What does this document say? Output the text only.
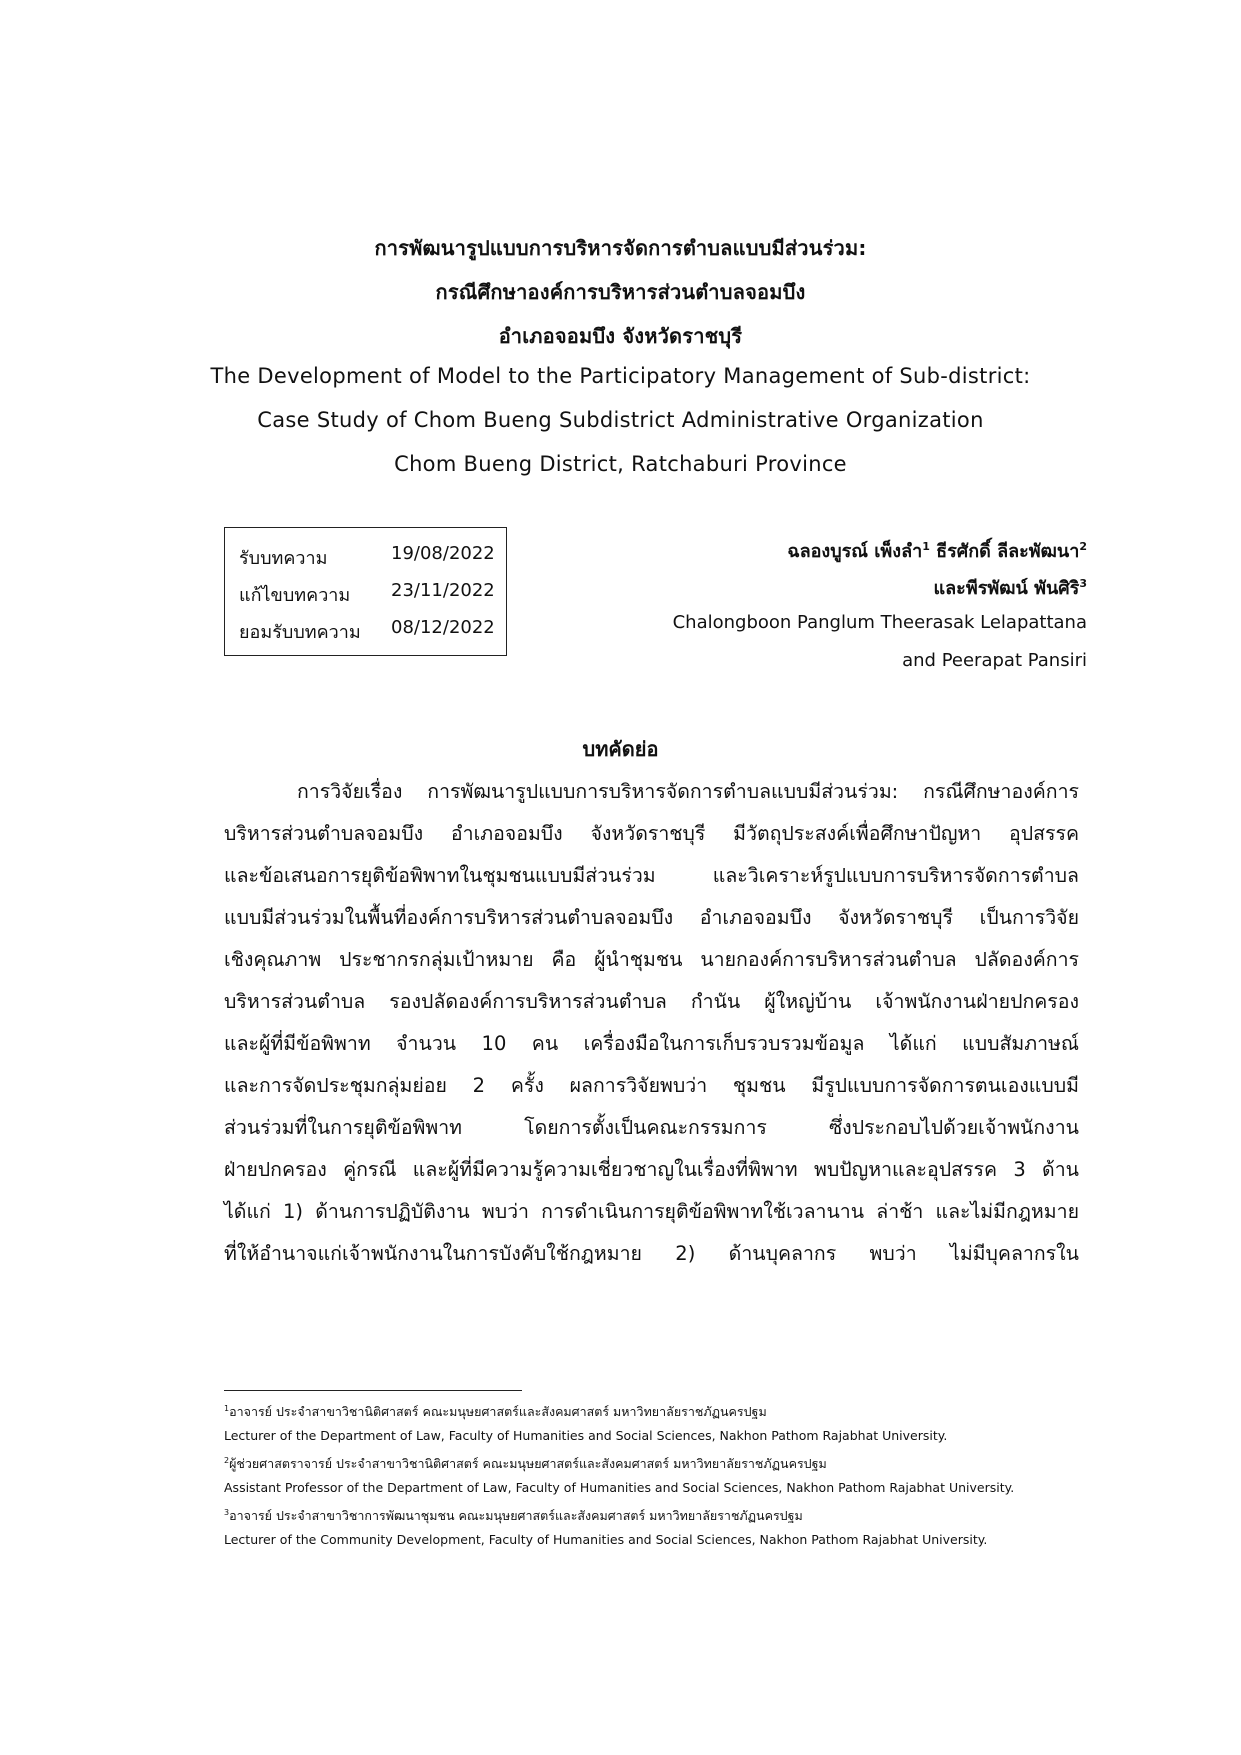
การพัฒนารูปแบบการบริหารจัดการตำบลแบบมีส่วนร่วม:
กรณีศึกษาองค์การบริหารส่วนตำบลจอมบึง
อำเภอจอมบึง จังหวัดราชบุรี
The Development of Model to the Participatory Management of Sub-district:
Case Study of Chom Bueng Subdistrict Administrative Organization
Chom Bueng District, Ratchaburi Province
รับบทความ	19/08/2022
แก้ไขบทความ 23/11/2022
ยอมรับบทความ 08/12/2022
ฉลองบูรณ์ เพ็งลำ$^1$ ธีรศักดิ์ ลีละพัฒนา$^2$
และพีรพัฒน์ พันศิริ$^3$
Chalongboon Panglum Theerasak Lelapattana
and Peerapat Pansiri
บทคัดย่อ
การวิจัยเรื่อง การพัฒนารูปแบบการบริหารจัดการตำบลแบบมีส่วนร่วม: กรณีศึกษาองค์การ
บริหารส่วนตำบลจอมบึง อำเภอจอมบึง จังหวัดราชบุรี มีวัตถุประสงค์เพื่อศึกษาปัญหา อุปสรรค
และข้อเสนอการยุติข้อพิพาทในชุมชนแบบมีส่วนร่วม และวิเคราะห์รูปแบบการบริหารจัดการตำบล
แบบมีส่วนร่วมในพื้นที่องค์การบริหารส่วนตำบลจอมบึง อำเภอจอมบึง จังหวัดราชบุรี เป็นการวิจัย
เชิงคุณภาพ ประชากรกลุ่มเป้าหมาย คือ ผู้นำชุมชน นายกองค์การบริหารส่วนตำบล ปลัดองค์การ
บริหารส่วนตำบล รองปลัดองค์การบริหารส่วนตำบล กำนัน ผู้ใหญ่บ้าน เจ้าพนักงานฝ่ายปกครอง
และผู้ที่มีข้อพิพาท จำนวน 10 คน เครื่องมือในการเก็บรวบรวมข้อมูล ได้แก่ แบบสัมภาษณ์
และการจัดประชุมกลุ่มย่อย 2 ครั้ง ผลการวิจัยพบว่า ชุมชน มีรูปแบบการจัดการตนเองแบบมี
ส่วนร่วมที่ในการยุติข้อพิพาท โดยการตั้งเป็นคณะกรรมการ ซึ่งประกอบไปด้วยเจ้าพนักงาน
ฝ่ายปกครอง คู่กรณี และผู้ที่มีความรู้ความเชี่ยวชาญในเรื่องที่พิพาท พบปัญหาและอุปสรรค 3 ด้าน
ได้แก่ 1) ด้านการปฏิบัติงาน พบว่า การดำเนินการยุติข้อพิพาทใช้เวลานาน ล่าช้า และไม่มีกฎหมาย
ที่ให้อำนาจแก่เจ้าพนักงานในการบังคับใช้กฎหมาย 2) ด้านบุคลากร พบว่า ไม่มีบุคลากรใน
$^1$อาจารย์ ประจำสาขาวิชานิติศาสตร์ คณะมนุษยศาสตร์และสังคมศาสตร์ มหาวิทยาลัยราชภัฏนครปฐม
Lecturer of the Department of Law, Faculty of Humanities and Social Sciences, Nakhon Pathom Rajabhat University.
$^2$ผู้ช่วยศาสตราจารย์ ประจำสาขาวิชานิติศาสตร์ คณะมนุษยศาสตร์และสังคมศาสตร์ มหาวิทยาลัยราชภัฏนครปฐม
Assistant Professor of the Department of Law, Faculty of Humanities and Social Sciences, Nakhon Pathom Rajabhat University.
$^3$อาจารย์ ประจำสาขาวิชาการพัฒนาชุมชน คณะมนุษยศาสตร์และสังคมศาสตร์ มหาวิทยาลัยราชภัฏนครปฐม
Lecturer of the Community Development, Faculty of Humanities and Social Sciences, Nakhon Pathom Rajabhat University.
